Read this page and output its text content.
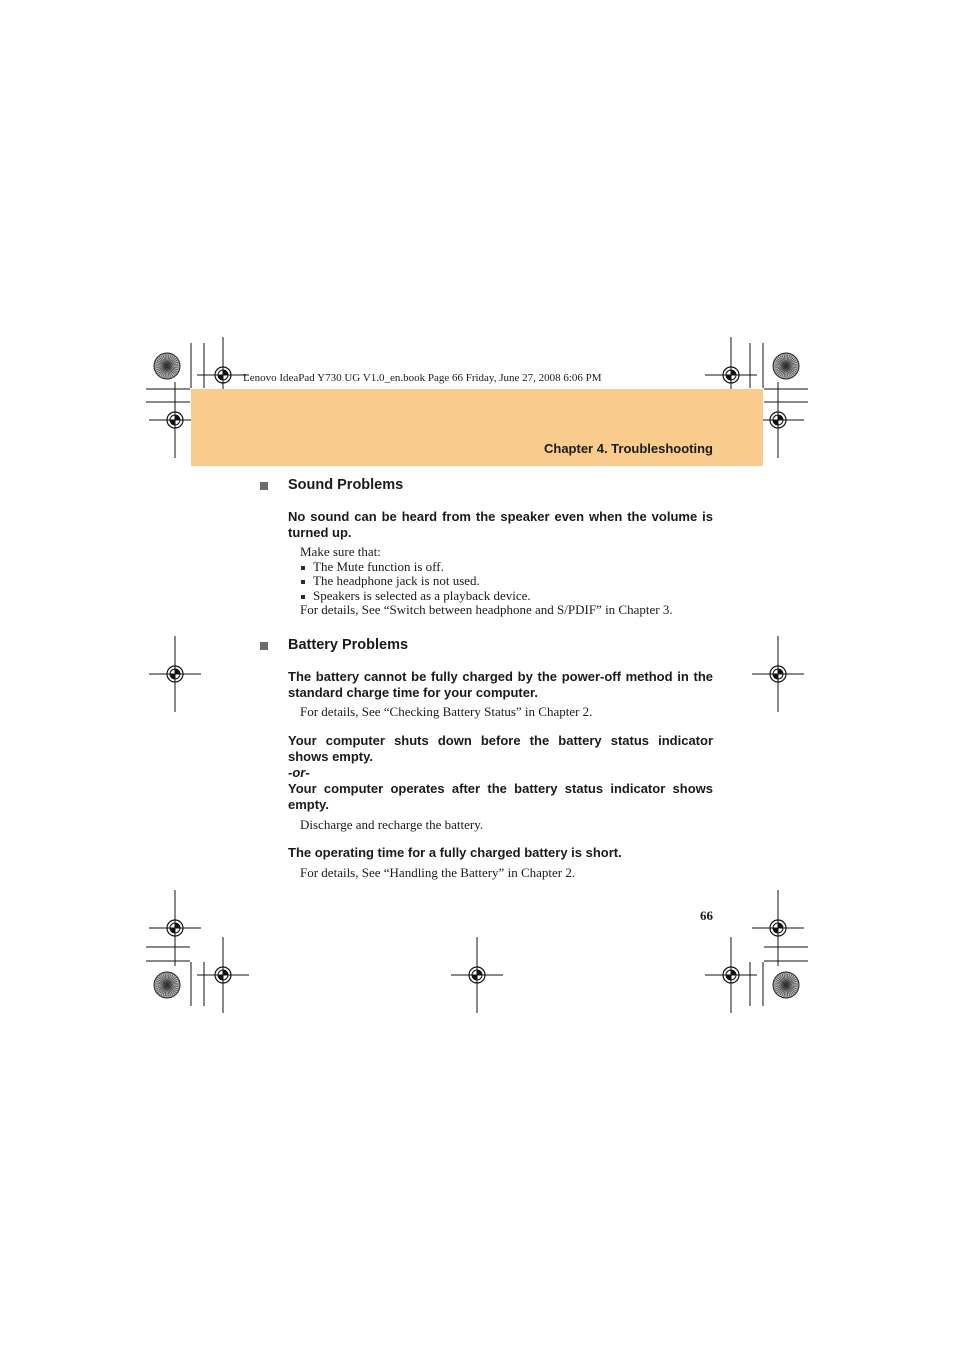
Lenovo IdeaPad Y730 UG V1.0_en.book Page 66 Friday, June 27, 2008 6:06 PM
Chapter 4. Troubleshooting
Sound Problems
No sound can be heard from the speaker even when the volume is turned up.
Make sure that:
The Mute function is off.
The headphone jack is not used.
Speakers is selected as a playback device.
For details, See “Switch between headphone and S/PDIF” in Chapter 3.
Battery Problems
The battery cannot be fully charged by the power-off method in the standard charge time for your computer.
For details, See “Checking Battery Status” in Chapter 2.
Your computer shuts down before the battery status indicator shows empty.
-or-
Your computer operates after the battery status indicator shows empty.
Discharge and recharge the battery.
The operating time for a fully charged battery is short.
For details, See “Handling the Battery” in Chapter 2.
66
